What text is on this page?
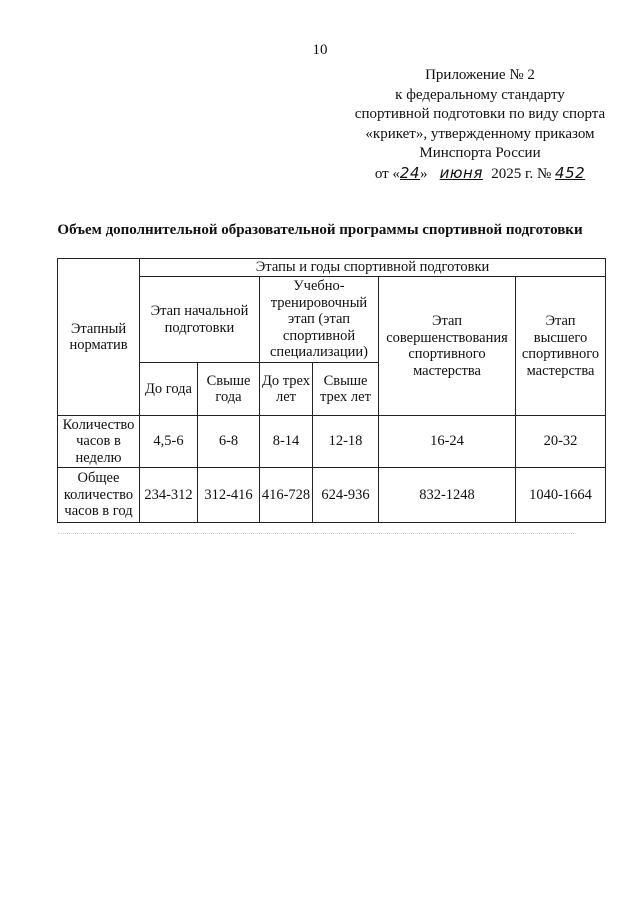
10
Приложение № 2
к федеральному стандарту
спортивной подготовки по виду спорта
«крикет», утвержденному приказом
Минспорта России
от «24» июня 2025 г. № 452
Объем дополнительной образовательной программы спортивной подготовки
Этапный норматив	Этапы и годы спортивной подготовки					
	Этап начальной подготовки		Учебно-тренировочный этап (этап спортивной специализации)		Этап совершенствования спортивного мастерства	Этап высшего спортивного мастерства
	До года	Свыше года	До трех лет	Свыше трех лет		
Количество часов в неделю	4,5-6	6-8	8-14	12-18	16-24	20-32
Общее количество часов в год	234-312	312-416	416-728	624-936	832-1248	1040-1664
